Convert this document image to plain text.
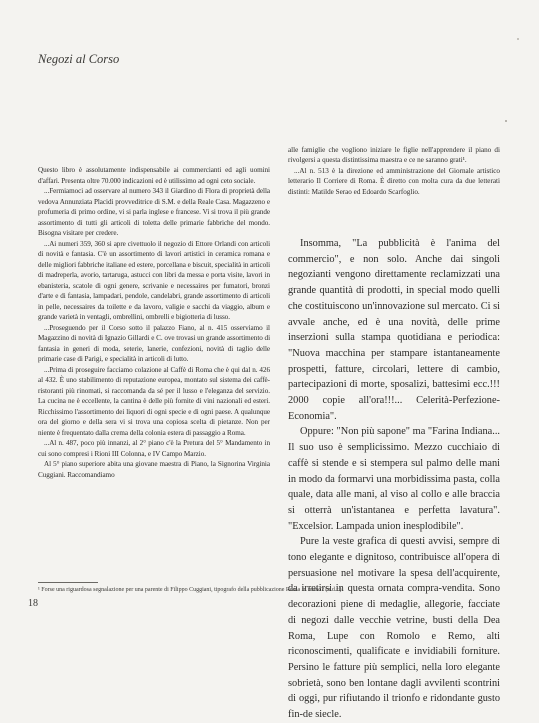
Negozi al Corso

Questo libro è assolutamente indispensabile ai commercianti ed agli uomini d'affari. Presenta oltre 70.000 indicazioni ed è utilissimo ad ogni ceto sociale.

...Fermiamoci ad osservare al numero 343 il Giardino di Flora di proprietà della vedova Annunziata Placidi provveditrice di S.M. e della Reale Casa. Magazzeno e profumeria di primo ordine, vi si parla inglese e francese. Vi si trova il più grande assortimento di tutti gli articoli di toletta delle primarie fabbriche del mondo. Bisogna visitare per credere.

...Ai numeri 359, 360 si apre civettuolo il negozio di Ettore Orlandi con articoli di novità e fantasia. C'è un assortimento di lavori artistici in ceramica romana e delle migliori fabbriche italiane ed estere, porcellana e biscuit, specialità in articoli di madreperla, avorio, tartaruga, astucci con libri da messa e porta visite, lavori in ebanisteria, scatole di ogni genere, scrivanie e necessaires per fumatori, bronzi d'arte e di fantasia, lampadari, pendole, candelabri, grande assortimento di articoli in pelle, necessaires da toilette e da lavoro, valigie e sacchi da viaggio, album e grande varietà in ventagli, ombrellini, ombrelli e bigiotteria di lusso.

...Proseguendo per il Corso sotto il palazzo Fiano, al n. 415 osserviamo il Magazzino di novità di Ignazio Gillardi e C. ove trovasi un grande assortimento di fantasia in generi di moda, seterie, lanerie, confezioni, novità di taglio delle primarie case di Parigi, e specialità in articoli di lutto.

...Prima di proseguire facciamo colazione al Caffè di Roma che è qui dal n. 426 al 432. È uno stabilimento di reputazione europea, montato sul sistema dei caffè-ristoranti più rinomati, si raccomanda da sé per il lusso e l'eleganza del servizio. La cucina ne è eccellente, la cantina è delle più fornite di vini nazionali ed esteri. Ricchissimo l'assortimento dei liquori di ogni specie e di ogni paese. A qualunque ora del giorno e della sera vi si trova una copiosa scelta di pietanze. Non per niente è frequentato dalla crema della colonia estera di passaggio a Roma.

...Al n. 487, poco più innanzi, al 2° piano c'è la Pretura del 5° Mandamento in cui sono compresi i Rioni III Colonna, e IV Campo Marzio.

Al 5° piano superiore abita una giovane maestra di Piano, la Signorina Virginia Cuggiani. Raccomandiamo

alle famiglie che vogliono iniziare le figlie nell'apprendere il piano di rivolgersi a questa distintissima maestra e ce ne saranno grati¹.

...Al n. 513 è la direzione ed amministrazione del Giornale artistico letterario Il Corriere di Roma. È diretto con molta cura da due letterati distinti: Matilde Serao ed Edoardo Scarfoglio.

Insomma, "La pubblicità è l'anima del commercio", e non solo. Anche dai singoli negozianti vengono direttamente reclamizzati una grande quantità di prodotti, in special modo quelli che costituiscono un'innovazione sul mercato. Ci si avvale anche, ed è una novità, delle prime inserzioni sulla stampa quotidiana e periodica: "Nuova macchina per stampare istantaneamente prospetti, fatture, circolari, lettere di cambio, partecipazioni di morte, sposalizi, battesimi ecc.!!! 2000 copie all'ora!!!... Celerità-Perfezione-Economia".

Oppure: "Non più sapone" ma "Farina Indiana... Il suo uso è semplicissimo. Mezzo cucchiaio di caffè si stende e si stempera sul palmo delle mani in modo da formarvi una morbidissima pasta, colla quale, data alle mani, al viso al collo e alle braccia si otterrà un'istantanea e perfetta lavatura". "Excelsior. Lampada union inesplodibile".

Pure la veste grafica di questi avvisi, sempre di tono elegante e dignitoso, contribuisce all'opera di persuasione nel motivare la spesa dell'acquirente, da irretirsi in questa ornata compra-vendita. Sono decorazioni piene di medaglie, allegorie, facciate di negozi dalle vecchie vetrine, busti della Dea Roma, Lupe con Romolo e Remo, alti riconoscimenti, qualificate e invidiabili forniture. Persino le fatture più semplici, nella loro elegante sobrietà, sono ben lontane dagli avvilenti scontrini di oggi, pur rifiutando il trionfo e ridondante gusto fin-de siecle.

¹ Forse una riguardosa segnalazione per una parente di Filippo Cuggiani, tipografo della pubblicazione Roma in mano? (n.d.r.)
18
